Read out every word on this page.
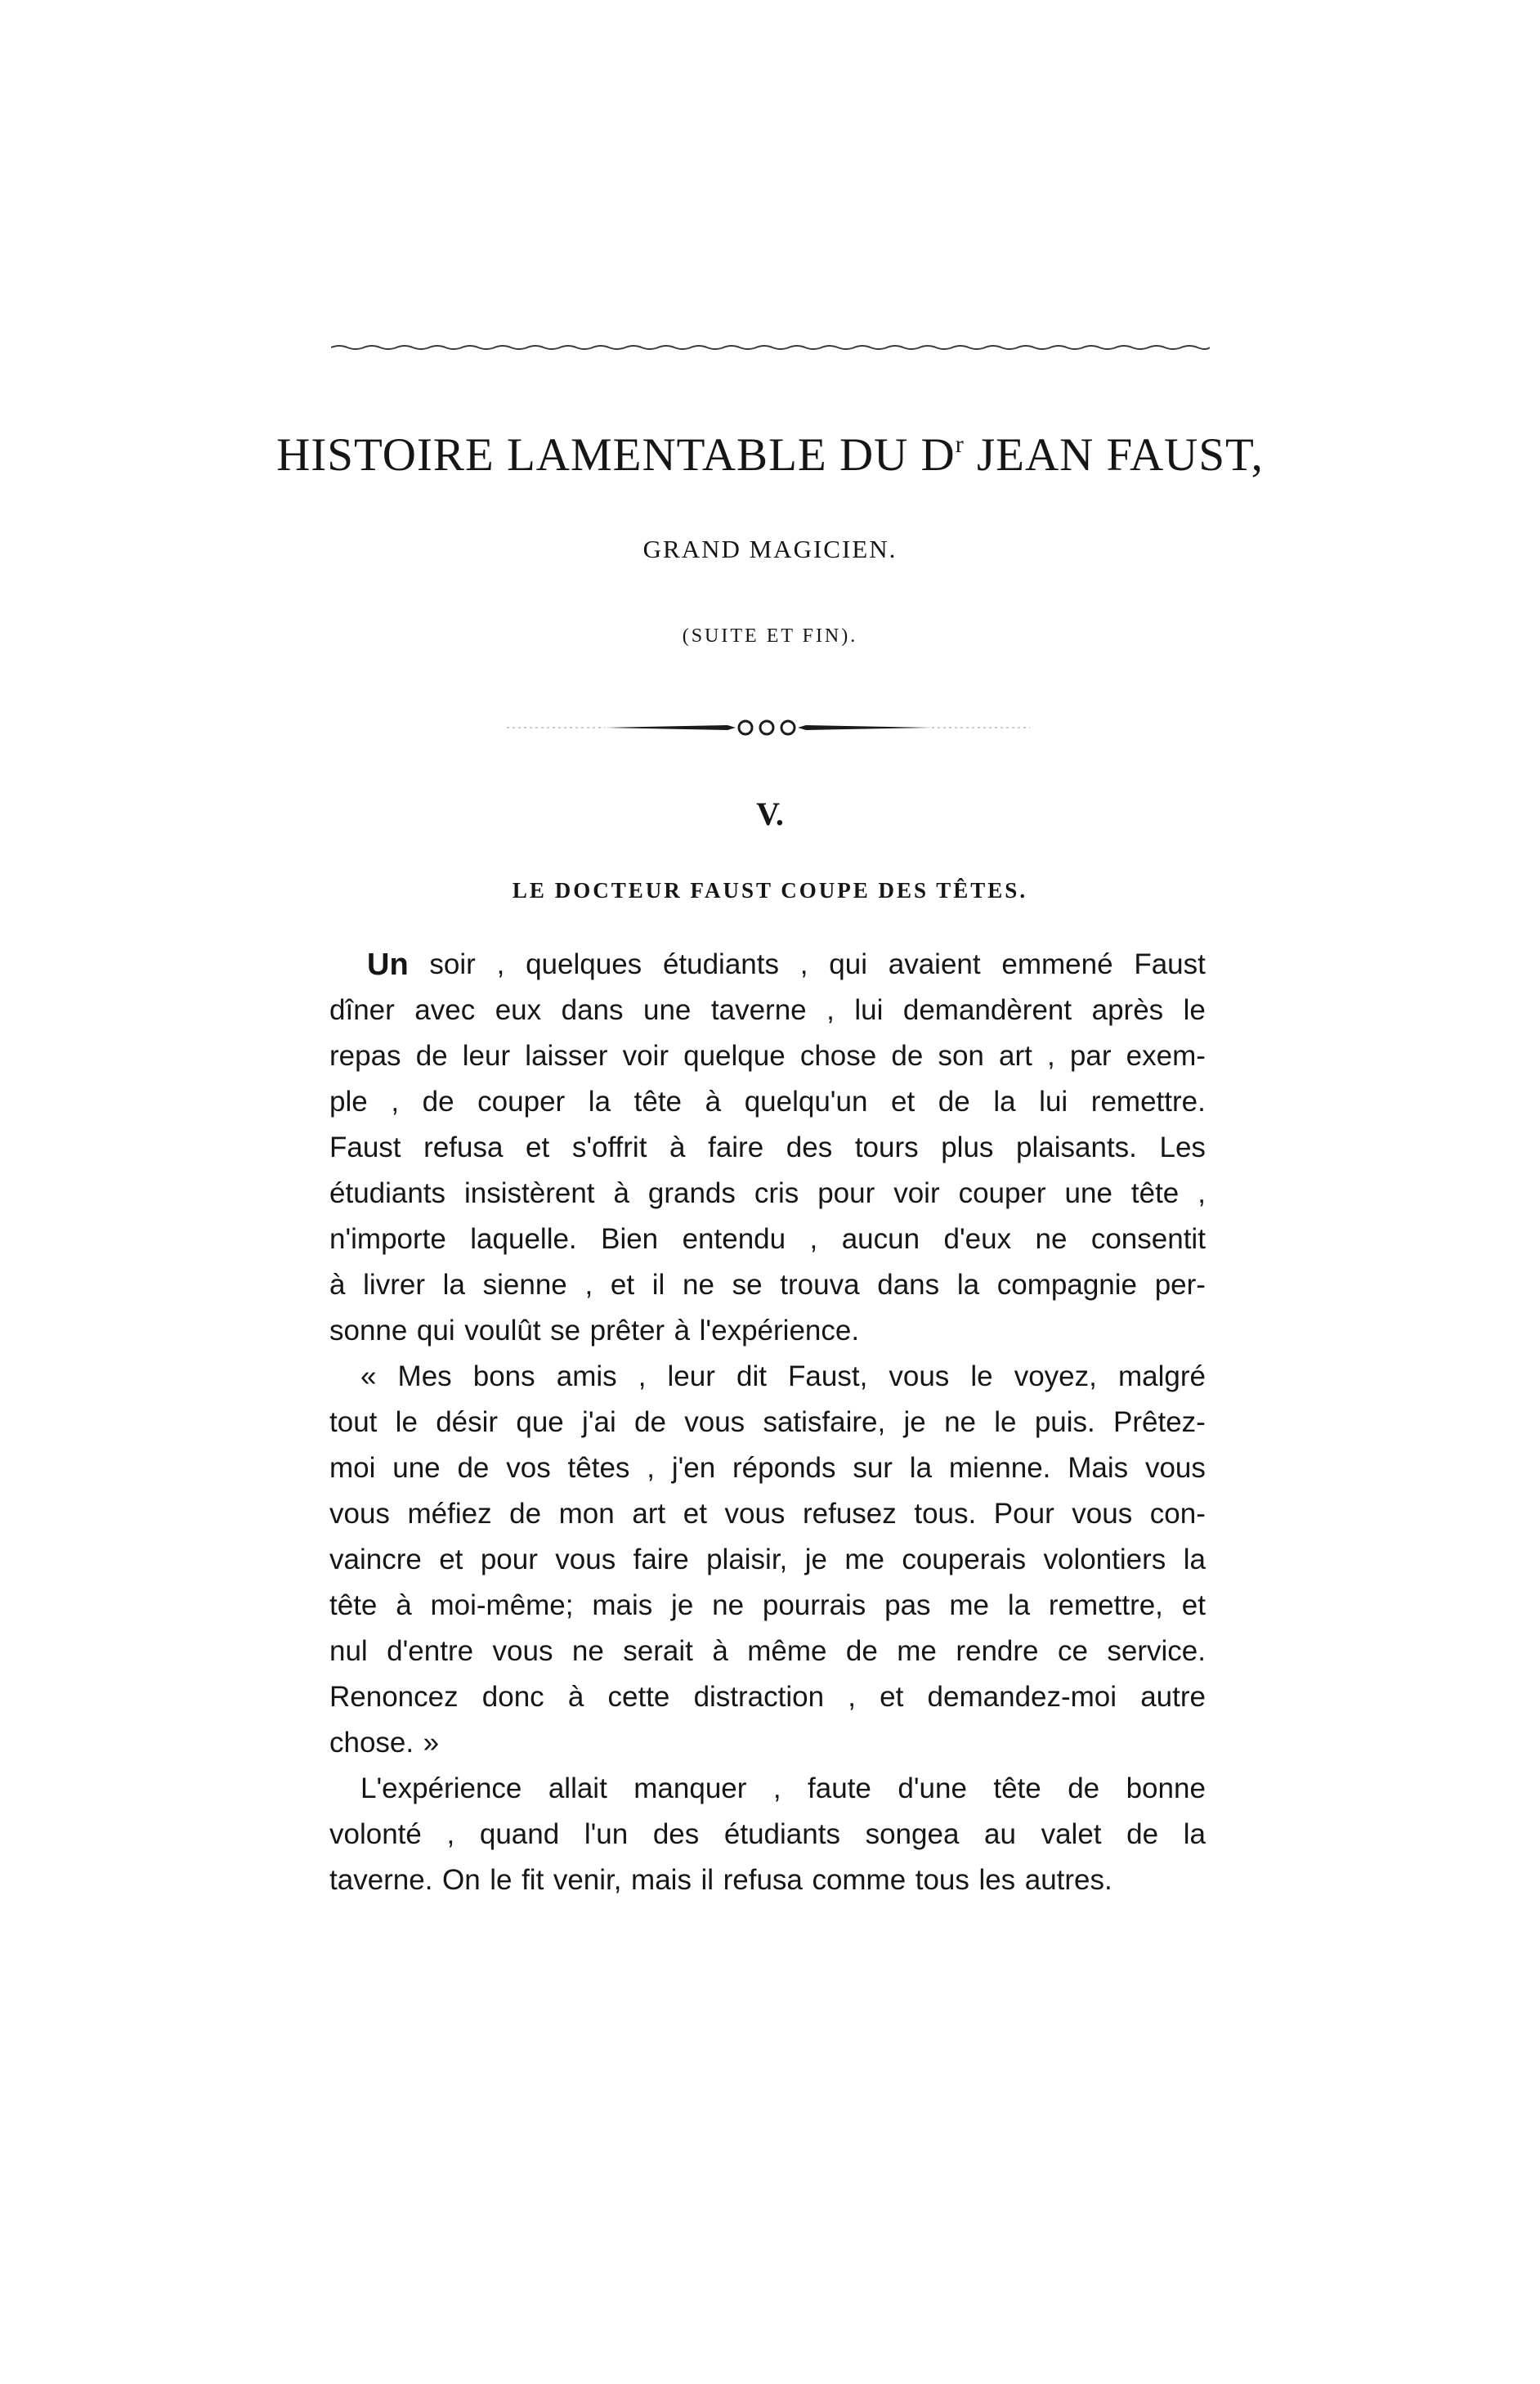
HISTOIRE LAMENTABLE DU $D^r$ JEAN FAUST,
GRAND MAGICIEN.
(SUITE ET FIN).
V.
LE DOCTEUR FAUST COUPE DES TÊTES.
Un soir , quelques étudiants , qui avaient emmené Faust
dîner avec eux dans une taverne , lui demandèrent après le
repas de leur laisser voir quelque chose de son art , par exem-
ple , de couper la tête à quelqu'un et de la lui remettre.
Faust refusa et s'offrit à faire des tours plus plaisants. Les
étudiants insistèrent à grands cris pour voir couper une tête ,
n'importe laquelle. Bien entendu , aucun d'eux ne consentit
à livrer la sienne , et il ne se trouva dans la compagnie per-
sonne qui voulût se prêter à l'expérience.
« Mes bons amis , leur dit Faust, vous le voyez, malgré
tout le désir que j'ai de vous satisfaire, je ne le puis. Prêtez-
moi une de vos têtes , j'en réponds sur la mienne. Mais vous
vous méfiez de mon art et vous refusez tous. Pour vous con-
vaincre et pour vous faire plaisir, je me couperais volontiers la
tête à moi-même; mais je ne pourrais pas me la remettre, et
nul d'entre vous ne serait à même de me rendre ce service.
Renoncez donc à cette distraction , et demandez-moi autre
chose. »
L'expérience allait manquer , faute d'une tête de bonne
volonté , quand l'un des étudiants songea au valet de la
taverne. On le fit venir, mais il refusa comme tous les autres.
